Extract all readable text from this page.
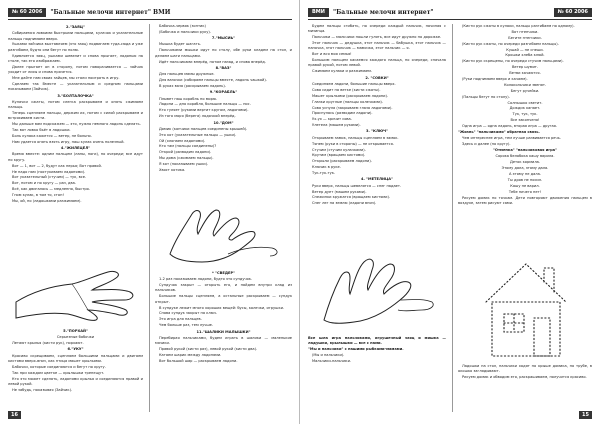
№ 60 2006	"Бальные мелочи интернет" ВМИ

2."ЗАЯЦ"

Собираемся ловкими быстрыми пальцами, кулачок и указательные пальцы поднимаем вверх.

Ушками зайчика выставляем (это заяц) подвигаем туда-сюда и уже разгибаем, будто они бегут по полю.

Удивляется заяц, ушками шевелит и снова прыгает, ладонью на столе, так его изображаем.

Далее прыгает он в сторону, потом поворачивается — зайчик уходит от лисы и снова прячется.

Мне дайте нам своих зайцев, мы стали поиграть в игру.

Сделаем так Вместе — указательным и средним пальцами показываем (Зайчик).

3."БОЛТАЛОЧКА"

Кулачки сжаты, потом слегка раскрываем и опять сжимаем пальцы.

Теперь сцепляем пальцы, держим их, потом с силой раскрываем и встряхиваем кисти.

Мы дальше вам подскажем — это, нужно немного ладонь сделать.

Так вот ловко бьёт в ладошки.

Боль кулака кажется — ветер, не больно.

Нам удается опять взять игру, наш кулак очень полезный.

4."ЖИЛЕЦЕЛ"

Время вместе: одним пальцем (лапы, ноги), по очереди; все идут по кругу.

Вот — 1, вот — 2, будут как перья; Вот правой.

Не надо нам (постукиваем ладонями).

Вот указательный (стучим) — тук, все.

Вот, потом и по кругу — раз, два.

Всё, как двигалось — медленно, быстро.

Гном кулак, в том то, стоп!

Мы, ой, по (ладошками разжимаем).

5."ПОРХАЙ"

Серьезные бабочки

Летают крылья (кисти рук), порхают.

6."УКУ"

Красиво скрещиваем, сцепляем большими пальцами и двигаем кистями вверх-вниз, как птица машет крыльями.

Бабочки, которые соединяются и бегут по кругу.

Так при каждом цветке — крылышки трепещут.

Кто это может сделать, ладонями крылья и соединяются правой и левой рукой.

Не забудь, показывая (Зайчик).

Бабочка-червяк (зонтик)

(Бабочка и пальчики руку).

7."МЫСИЬ"

Мышка будет шагать.

Пальчиками мышки идут по столу, обе руки кладем на стол, и делаем шаги пальцами.

Идёт пальчиками вперёд, потом назад, и снова вперёд.

8."ВАЗ"

Для пальцев мамы дружные.

Для вазочки (собираем пальцы вместе, ладонь чашкой).

В руках ваза (раскрываем ладонь).

9."КОРАБЛЬ"

Плывет наш корабль по морю.

Ладони — дно корабля, большие пальцы — нос.

Кто гуляет (руками вертит кругом, ладонями).

Из того моря (берега) лодочкой вперёд.

10."ДОМ"

Домик (кончики пальцев соединены крышей).

Это кот (указательные пальцы — ушки).

Ой (хлопаем ладонями).

Кто там (пальцы соединены)?

Открой (разводим ладони).

Мы дома (сжимаем пальцы).

Я кот (показываем ушки).

Хвост котика.

* "СВЕДЕР"

1-2 раз показываем ладони, будто это сундучок.

Сундучок закрыт — открыть его, и найдем внутри клад из пальчиков.

Большие пальцы сцепляем, а остальные раскрываем — сундук открыт.

В сундуке лежит много хороших вещей: бусы, колечки, игрушки.

Снова сундук закрыт на ключ.

Это игра для пальцев.

Чем больше раз, тем лучше.

11."ШАЛИКИ МАЛЫШКИ"

Перебирая пальчиками, будем играть в шалики — маленькие мячики.

Правой рукой (кисти раз), левой рукой (кисти два).

Катаем шарик между ладонями.

Вот большой шар — раскрываем ладони.

16
ВМИ	"Бальные мелочи интернет"	№ 60 2006

Будем пальцы сгибать, по очереди каждый пальчик, начиная с мизинца.

Пальчики — мальчики пошли гулять, все идут дружно по дорожке.

Этот пальчик — дедушка, этот пальчик — бабушка, этот пальчик — папочка, этот пальчик — мамочка, этот пальчик — я.

Вот и вся моя семья!

Большим пальцем касаемся каждого пальца, по очереди, сначала правой рукой, потом левой.

Сжимаем кулаки и разжимаем.

2. "СОВКИ"

Соединяем ладони, большие пальцы вверх.

Сова сидит на ветке (кисти сжаты).

Машет крыльями (раскрываем ладони).

Глазки круглые (пальцы колечками).

Сова уснула (закрываем глаза ладонями).

Проснулась (разводим ладони).

Ух-ух — кричит сова.

Улетела (машем руками).

3. "КЛЮЧ"

Открываем замок, пальцы сцепляем в замок.

Тянем (руки в стороны) — не открывается.

Стучим (стучим кулачками).

Крутим (вращаем кистями).

Открыли (раскрываем ладони).

Ключик в руке.

Тук-тук-тук.

4. "МЕТЕЛИЦА"

Руки вверх, пальцы шевелятся — снег падает.

Ветер дует (машем руками).

Снежинки кружатся (вращаем кистями).

Снег лег на землю (ладони вниз).

Все шла игра пальчиками, игрушечный заяц и мишка — ладушки, крылышки — все с нами.

"Мы и пальчики" с нашими рыбками-мамами.

(Мы и пальчики).

Мальчики-пальчики.

(Кисти рук сжаты в кулаки, пальцы разгибаем по одному).

Вот птенчики.

Бегите птенчики.

(Кисти рук сжаты, по очереди разгибаем пальцы).

Кушай — не спеши.

Крошки хлеба клюй.

(Кисти рук скрещены, по очереди стучим пальцами).

Ветер шумит.

Ветви качаются.

(Руки поднимаем вверх и качаем).

Колокольчики звенят.

Бегут ручейки.

(Пальцы бегут по столу).

Солнышко светит.

Дождик капает.

Тук, тук, тук.

Все закончено!

Одна игра — одна ладонь, вторая игра — другая.

"Жизнь" "пальчиками" обратная связь.

Чем интереснее игра, тем лучше развивается речь.

Здесь и далее (по кругу).

"Отменка" "пальчиковая игра"

Сорока белобока кашу варила.

Деток кормила.

Этому дала, этому дала.

А этому не дала.

Ты дров не носил.

Кашу не варил.

Тебе ничего нет!

Рисуем домик по точкам. Дети повторяют движения пальцем в воздухе, затем рисуют сами.

Ладошки на стол, пальчики ходят по крыше домика, по трубе, в окошко заглядывают.

Рисуем домик и обводим его, раскрашиваем, получится красиво.

15
